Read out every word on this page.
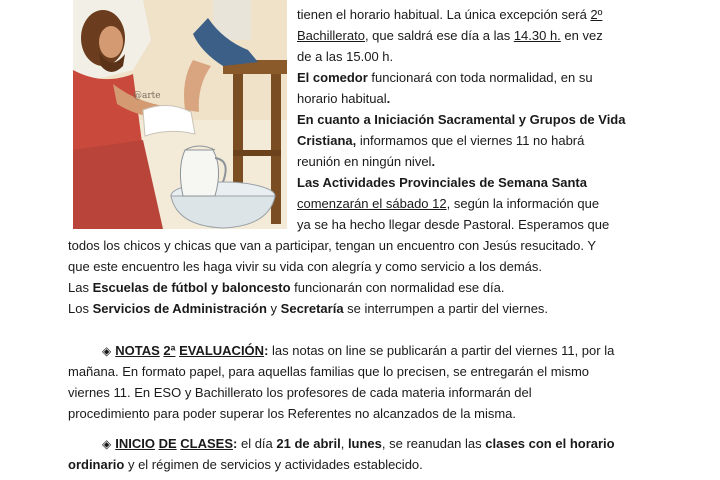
@arte
tienen el horario habitual. La única excepción será 2º
Bachillerato, que saldrá ese día a las 14.30 h. en vez
de a las 15.00 h.
El comedor funcionará con toda normalidad, en su
horario habitual.
En cuanto a Iniciación Sacramental y Grupos de Vida
Cristiana, informamos que el viernes 11 no habrá
reunión en ningún nivel.
Las Actividades Provinciales de Semana Santa
comenzarán el sábado 12, según la información que
ya se ha hecho llegar desde Pastoral. Esperamos que
todos los chicos y chicas que van a participar, tengan un encuentro con Jesús resucitado. Y
que este encuentro les haga vivir su vida con alegría y como servicio a los demás.
Las Escuelas de fútbol y baloncesto funcionarán con normalidad ese día.
Los Servicios de Administración y Secretaría se interrumpen a partir del viernes.
◈ NOTAS 2ª EVALUACIÓN: las notas on line se publicarán a partir del viernes 11, por la
mañana. En formato papel, para aquellas familias que lo precisen, se entregarán el mismo
viernes 11. En ESO y Bachillerato los profesores de cada materia informarán del
procedimiento para poder superar los Referentes no alcanzados de la misma.
◈ INICIO DE CLASES: el día 21 de abril, lunes, se reanudan las clases con el horario
ordinario y el régimen de servicios y actividades establecido.
